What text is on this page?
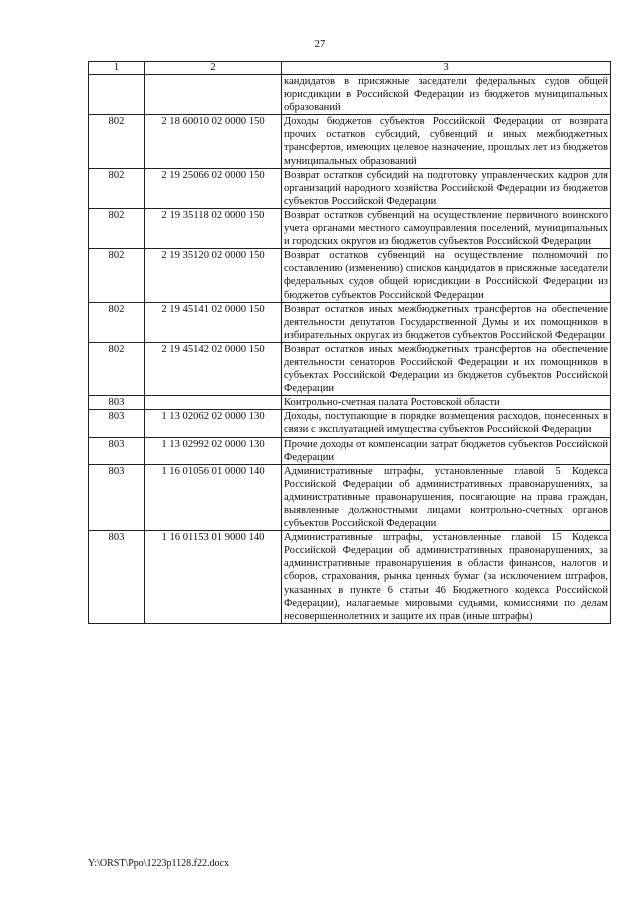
27
1	2	3
		кандидатов в присяжные заседатели федеральных судов общей юрисдикции в Российской Федерации из бюджетов муниципальных образований
802	2 18 60010 02 0000 150	Доходы бюджетов субъектов Российской Федерации от возврата прочих остатков субсидий, субвенций и иных межбюджетных трансфертов, имеющих целевое назначение, прошлых лет из бюджетов муниципальных образований
802	2 19 25066 02 0000 150	Возврат остатков субсидий на подготовку управленческих кадров для организаций народного хозяйства Российской Федерации из бюджетов субъектов Российской Федерации
802	2 19 35118 02 0000 150	Возврат остатков субвенций на осуществление первичного воинского учета органами местного самоуправления поселений, муниципальных и городских округов из бюджетов субъектов Российской Федерации
802	2 19 35120 02 0000 150	Возврат остатков субвенций на осуществление полномочий по составлению (изменению) списков кандидатов в присяжные заседатели федеральных судов общей юрисдикции в Российской Федерации из бюджетов субъектов Российской Федерации
802	2 19 45141 02 0000 150	Возврат остатков иных межбюджетных трансфертов на обеспечение деятельности депутатов Государственной Думы и их помощников в избирательных округах из бюджетов субъектов Российской Федерации
802	2 19 45142 02 0000 150	Возврат остатков иных межбюджетных трансфертов на обеспечение деятельности сенаторов Российской Федерации и их помощников в субъектах Российской Федерации из бюджетов субъектов Российской Федерации
803		Контрольно-счетная палата Ростовской области
803	1 13 02062 02 0000 130	Доходы, поступающие в порядке возмещения расходов, понесенных в связи с эксплуатацией имущества субъектов Российской Федерации
803	1 13 02992 02 0000 130	Прочие доходы от компенсации затрат бюджетов субъектов Российской Федерации
803	1 16 01056 01 0000 140	Административные штрафы, установленные главой 5 Кодекса Российской Федерации об административных правонарушениях, за административные правонарушения, посягающие на права граждан, выявленные должностными лицами контрольно-счетных органов субъектов Российской Федерации
803	1 16 01153 01 9000 140	Административные штрафы, установленные главой 15 Кодекса Российской Федерации об административных правонарушениях, за административные правонарушения в области финансов, налогов и сборов, страхования, рынка ценных бумаг (за исключением штрафов, указанных в пункте 6 статьи 46 Бюджетного кодекса Российской Федерации), налагаемые мировыми судьями, комиссиями по делам несовершеннолетних и защите их прав (иные штрафы)
Y:\ORST\Ppo\1223p1128.f22.docx
